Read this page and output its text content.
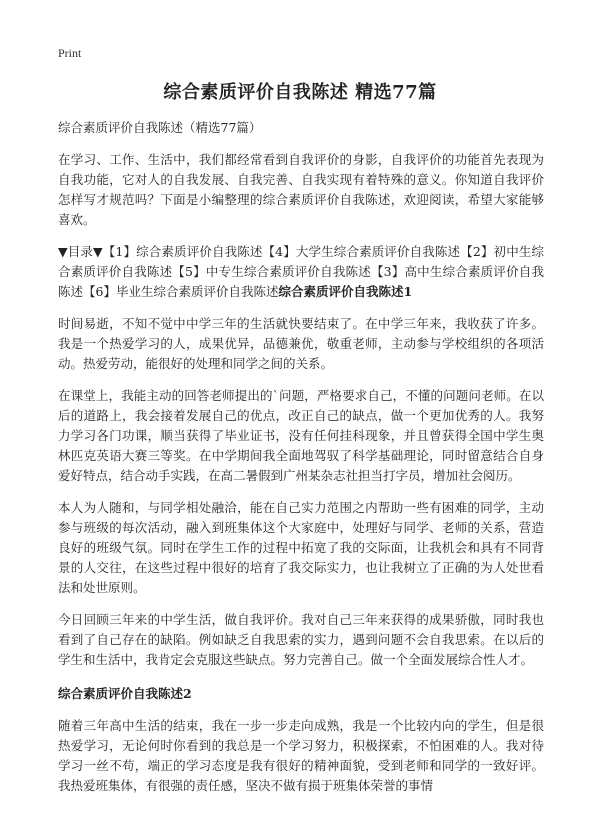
Print
综合素质评价自我陈述 精选77篇

综合素质评价自我陈述（精选77篇）

在学习、工作、生活中，我们都经常看到自我评价的身影，自我评价的功能首先表现为自我功能，它对人的自我发展、自我完善、自我实现有着特殊的意义。你知道自我评价怎样写才规范吗？下面是小编整理的综合素质评价自我陈述，欢迎阅读，希望大家能够喜欢。

▼目录▼【1】综合素质评价自我陈述【4】大学生综合素质评价自我陈述【2】初中生综合素质评价自我陈述【5】中专生综合素质评价自我陈述【3】高中生综合素质评价自我陈述【6】毕业生综合素质评价自我陈述综合素质评价自我陈述1

时间易逝，不知不觉中中学三年的生活就快要结束了。在中学三年来，我收获了许多。我是一个热爱学习的人，成果优异，品德兼优，敬重老师，主动参与学校组织的各项活动。热爱劳动，能很好的处理和同学之间的关系。

在课堂上，我能主动的回答老师提出的`问题，严格要求自己，不懂的问题问老师。在以后的道路上，我会接着发展自己的优点，改正自己的缺点，做一个更加优秀的人。我努力学习各门功课，顺当获得了毕业证书，没有任何挂科现象，并且曾获得全国中学生奥林匹克英语大赛三等奖。在中学期间我全面地驾驭了科学基础理论，同时留意结合自身爱好特点，结合动手实践，在高二暑假到广州某杂志社担当打字员，增加社会阅历。

本人为人随和，与同学相处融洽，能在自己实力范围之内帮助一些有困难的同学，主动参与班级的每次活动，融入到班集体这个大家庭中，处理好与同学、老师的关系，营造良好的班级气氛。同时在学生工作的过程中拓宽了我的交际面，让我机会和具有不同背景的人交往，在这些过程中很好的培育了我交际实力，也让我树立了正确的为人处世看法和处世原则。

今日回顾三年来的中学生活，做自我评价。我对自己三年来获得的成果骄傲，同时我也看到了自己存在的缺陷。例如缺乏自我思索的实力，遇到问题不会自我思索。在以后的学生和生活中，我肯定会克服这些缺点。努力完善自己。做一个全面发展综合性人才。

综合素质评价自我陈述2

随着三年高中生活的结束，我在一步一步走向成熟，我是一个比较内向的学生，但是很热爱学习，无论何时你看到的我总是一个学习努力，积极探索，不怕困难的人。我对待学习一丝不苟，端正的学习态度是我有很好的精神面貌，受到老师和同学的一致好评。我热爱班集体，有很强的责任感，坚决不做有损于班集体荣誉的事情
